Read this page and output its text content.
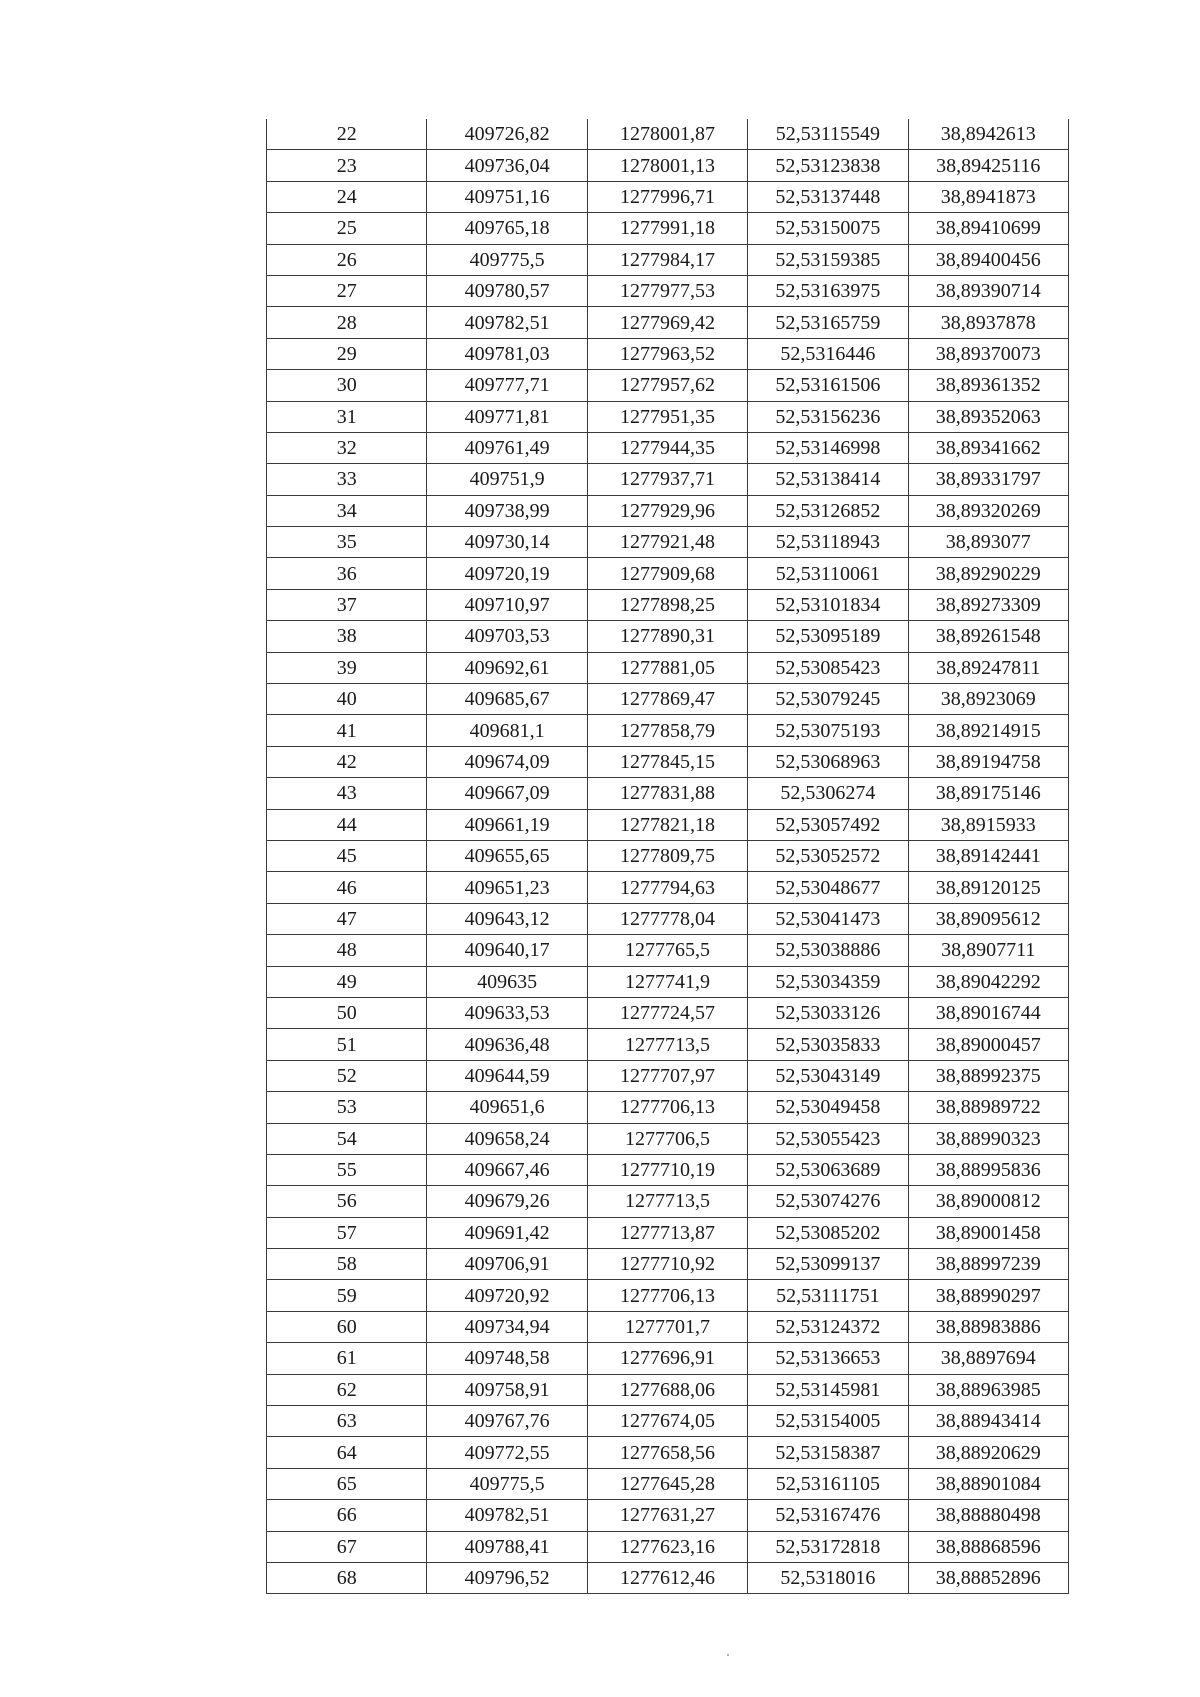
22	409726,82	1278001,87	52,53115549	38,8942613
23	409736,04	1278001,13	52,53123838	38,89425116
24	409751,16	1277996,71	52,53137448	38,8941873
25	409765,18	1277991,18	52,53150075	38,89410699
26	409775,5	1277984,17	52,53159385	38,89400456
27	409780,57	1277977,53	52,53163975	38,89390714
28	409782,51	1277969,42	52,53165759	38,8937878
29	409781,03	1277963,52	52,5316446	38,89370073
30	409777,71	1277957,62	52,53161506	38,89361352
31	409771,81	1277951,35	52,53156236	38,89352063
32	409761,49	1277944,35	52,53146998	38,89341662
33	409751,9	1277937,71	52,53138414	38,89331797
34	409738,99	1277929,96	52,53126852	38,89320269
35	409730,14	1277921,48	52,53118943	38,893077
36	409720,19	1277909,68	52,53110061	38,89290229
37	409710,97	1277898,25	52,53101834	38,89273309
38	409703,53	1277890,31	52,53095189	38,89261548
39	409692,61	1277881,05	52,53085423	38,89247811
40	409685,67	1277869,47	52,53079245	38,8923069
41	409681,1	1277858,79	52,53075193	38,89214915
42	409674,09	1277845,15	52,53068963	38,89194758
43	409667,09	1277831,88	52,5306274	38,89175146
44	409661,19	1277821,18	52,53057492	38,8915933
45	409655,65	1277809,75	52,53052572	38,89142441
46	409651,23	1277794,63	52,53048677	38,89120125
47	409643,12	1277778,04	52,53041473	38,89095612
48	409640,17	1277765,5	52,53038886	38,8907711
49	409635	1277741,9	52,53034359	38,89042292
50	409633,53	1277724,57	52,53033126	38,89016744
51	409636,48	1277713,5	52,53035833	38,89000457
52	409644,59	1277707,97	52,53043149	38,88992375
53	409651,6	1277706,13	52,53049458	38,88989722
54	409658,24	1277706,5	52,53055423	38,88990323
55	409667,46	1277710,19	52,53063689	38,88995836
56	409679,26	1277713,5	52,53074276	38,89000812
57	409691,42	1277713,87	52,53085202	38,89001458
58	409706,91	1277710,92	52,53099137	38,88997239
59	409720,92	1277706,13	52,53111751	38,88990297
60	409734,94	1277701,7	52,53124372	38,88983886
61	409748,58	1277696,91	52,53136653	38,8897694
62	409758,91	1277688,06	52,53145981	38,88963985
63	409767,76	1277674,05	52,53154005	38,88943414
64	409772,55	1277658,56	52,53158387	38,88920629
65	409775,5	1277645,28	52,53161105	38,88901084
66	409782,51	1277631,27	52,53167476	38,88880498
67	409788,41	1277623,16	52,53172818	38,88868596
68	409796,52	1277612,46	52,5318016	38,88852896
